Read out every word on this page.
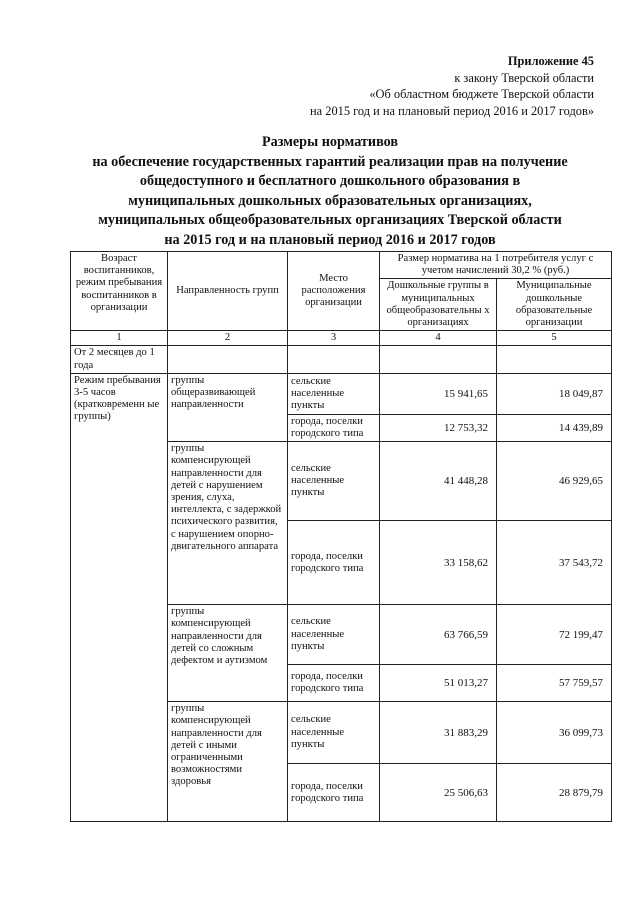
Приложение 45
к закону Тверской области
«Об областном бюджете Тверской области
на 2015 год и на плановый период 2016 и 2017 годов»
Размеры нормативов
на обеспечение государственных гарантий реализации прав на получение
общедоступного и бесплатного дошкольного образования в
муниципальных дошкольных образовательных организациях,
муниципальных общеобразовательных организациях Тверской области
на 2015 год и на плановый период 2016 и 2017 годов
Возраст воспитанников, режим пребывания воспитанников в организации	Направленность групп	Место расположения организации	Размер норматива на 1 потребителя услуг с учетом начислений 30,2 % (руб.)	
			Дошкольные группы в муниципальных общеобразовательны х организациях	Муниципальные дошкольные образовательные организации
1	2	3	4	5
От 2 месяцев до 1 года				
Режим пребывания 3-5 часов (кратковременн ые группы)	группы общеразвивающей направленности	сельские населенные пункты	15 941,65	18 049,87
		города, поселки городского типа	12 753,32	14 439,89
	группы компенсирующей направленности для детей с нарушением зрения, слуха, интеллекта, с задержкой психического развития, с нарушением опорно-двигательного аппарата	сельские населенные пункты	41 448,28	46 929,65
		города, поселки городского типа	33 158,62	37 543,72
	группы компенсирующей направленности для детей со сложным дефектом и аутизмом	сельские населенные пункты	63 766,59	72 199,47
		города, поселки городского типа	51 013,27	57 759,57
	группы компенсирующей направленности для детей с иными ограниченными возможностями здоровья	сельские населенные пункты	31 883,29	36 099,73
		города, поселки городского типа	25 506,63	28 879,79
